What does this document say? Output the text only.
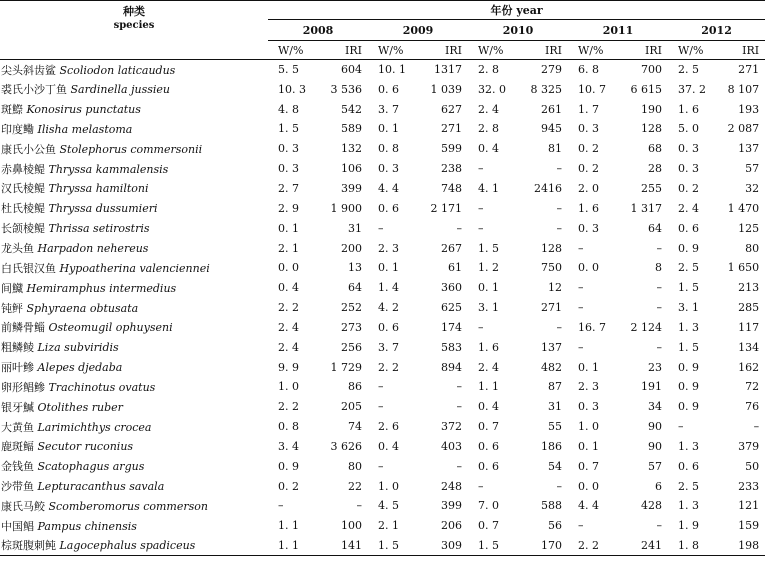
种类
species	年份 year									
	2008		2009		2010		2011		2012	
	W/%	IRI	W/%	IRI	W/%	IRI	W/%	IRI	W/%	IRI
尖头斜齿鲨 Scoliodon laticaudus	5. 5	604	10. 1	1317	2. 8	279	6. 8	700	2. 5	271
裘氏小沙丁鱼 Sardinella jussieu	10. 3	3 536	0. 6	1 039	32. 0	8 325	10. 7	6 615	37. 2	8 107
斑鰶 Konosirus punctatus	4. 8	542	3. 7	627	2. 4	261	1. 7	190	1. 6	193
印度鳓 Ilisha melastoma	1. 5	589	0. 1	271	2. 8	945	0. 3	128	5. 0	2 087
康氏小公鱼 Stolephorus commersonii	0. 3	132	0. 8	599	0. 4	81	0. 2	68	0. 3	137
赤鼻棱鳀 Thryssa kammalensis	0. 3	106	0. 3	238	–	–	0. 2	28	0. 3	57
汉氏棱鳀 Thryssa hamiltoni	2. 7	399	4. 4	748	4. 1	2416	2. 0	255	0. 2	32
杜氏棱鳀 Thryssa dussumieri	2. 9	1 900	0. 6	2 171	–	–	1. 6	1 317	2. 4	1 470
长颌棱鳀 Thrissa setirostris	0. 1	31	–	–	–	–	0. 3	64	0. 6	125
龙头鱼 Harpadon nehereus	2. 1	200	2. 3	267	1. 5	128	–	–	0. 9	80
白氏银汉鱼 Hypoatherina valenciennei	0. 0	13	0. 1	61	1. 2	750	0. 0	8	2. 5	1 650
间鱵 Hemiramphus intermedius	0. 4	64	1. 4	360	0. 1	12	–	–	1. 5	213
钝鲆 Sphyraena obtusata	2. 2	252	4. 2	625	3. 1	271	–	–	3. 1	285
前鳞骨鲻 Osteomugil ophuyseni	2. 4	273	0. 6	174	–	–	16. 7	2 124	1. 3	117
粗鳞鲮 Liza subviridis	2. 4	256	3. 7	583	1. 6	137	–	–	1. 5	134
丽叶鲹 Alepes djedaba	9. 9	1 729	2. 2	894	2. 4	482	0. 1	23	0. 9	162
卵形鲳鲹 Trachinotus ovatus	1. 0	86	–	–	1. 1	87	2. 3	191	0. 9	72
银牙鰔 Otolithes ruber	2. 2	205	–	–	0. 4	31	0. 3	34	0. 9	76
大黄鱼 Larimichthys crocea	0. 8	74	2. 6	372	0. 7	55	1. 0	90	–	–
鹿斑鲾 Secutor ruconius	3. 4	3 626	0. 4	403	0. 6	186	0. 1	90	1. 3	379
金钱鱼 Scatophagus argus	0. 9	80	–	–	0. 6	54	0. 7	57	0. 6	50
沙带鱼 Lepturacanthus savala	0. 2	22	1. 0	248	–	–	0. 0	6	2. 5	233
康氏马鲛 Scomberomorus commerson	–	–	4. 5	399	7. 0	588	4. 4	428	1. 3	121
中国鲳 Pampus chinensis	1. 1	100	2. 1	206	0. 7	56	–	–	1. 9	159
棕斑腹刺鲀 Lagocephalus spadiceus	1. 1	141	1. 5	309	1. 5	170	2. 2	241	1. 8	198
